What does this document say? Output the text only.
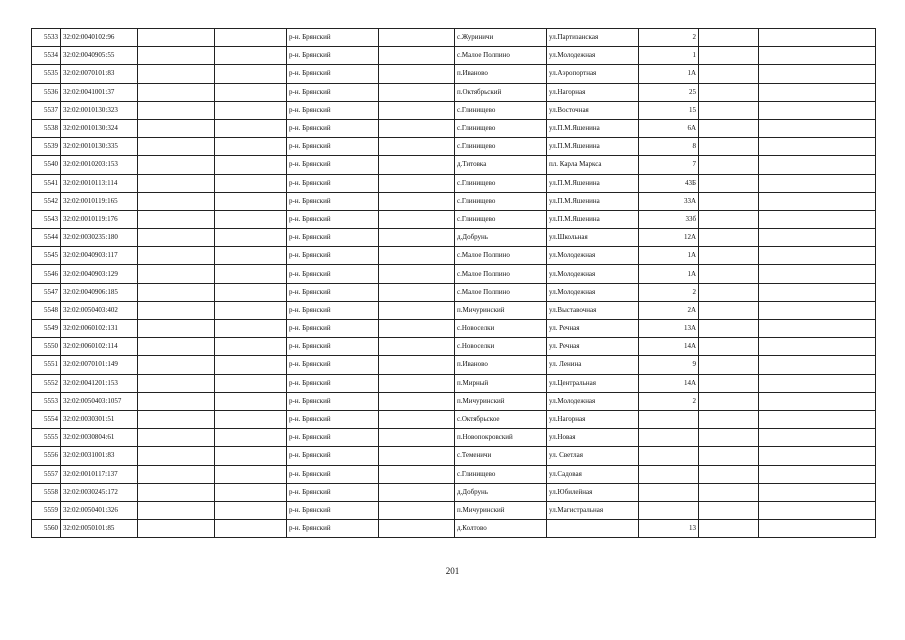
5533	32:02:0040102:96			р-н. Брянский		с.Журиничи	ул.Партизанская	2		
5534	32:02:0040905:55			р-н. Брянский		с.Малое Полпино	ул.Молодежная	1		
5535	32:02:0070101:83			р-н. Брянский		п.Иваново	ул.Аэропортная	1А		
5536	32:02:0041001:37			р-н. Брянский		п.Октябрьский	ул.Нагорная	25		
5537	32:02:0010130:323			р-н. Брянский		с.Глинищево	ул.Восточная	15		
5538	32:02:0010130:324			р-н. Брянский		с.Глинищево	ул.П.М.Яшенина	6А		
5539	32:02:0010130:335			р-н. Брянский		с.Глинищево	ул.П.М.Яшенина	8		
5540	32:02:0010203:153			р-н. Брянский		д.Титовка	пл. Карла Маркса	7		
5541	32:02:0010113:114			р-н. Брянский		с.Глинищево	ул.П.М.Яшенина	43Б		
5542	32:02:0010119:165			р-н. Брянский		с.Глинищево	ул.П.М.Яшенина	33А		
5543	32:02:0010119:176			р-н. Брянский		с.Глинищево	ул.П.М.Яшенина	33б		
5544	32:02:0030235:180			р-н. Брянский		д.Добрунь	ул.Школьная	12А		
5545	32:02:0040903:117			р-н. Брянский		с.Малое Полпино	ул.Молодежная	1А		
5546	32:02:0040903:129			р-н. Брянский		с.Малое Полпино	ул.Молодежная	1А		
5547	32:02:0040906:185			р-н. Брянский		с.Малое Полпино	ул.Молодежная	2		
5548	32:02:0050403:402			р-н. Брянский		п.Мичуринский	ул.Выставочная	2А		
5549	32:02:0060102:131			р-н. Брянский		с.Новоселки	ул. Речная	13А		
5550	32:02:0060102:114			р-н. Брянский		с.Новоселки	ул. Речная	14А		
5551	32:02:0070101:149			р-н. Брянский		п.Иваново	ул. Ленина	9		
5552	32:02:0041201:153			р-н. Брянский		п.Мирный	ул.Центральная	14А		
5553	32:02:0050403:1057			р-н. Брянский		п.Мичуринский	ул.Молодежная	2		
5554	32:02:0030301:51			р-н. Брянский		с.Октябрьское	ул.Нагорная			
5555	32:02:0030804:61			р-н. Брянский		п.Новопокровский	ул.Новая			
5556	32:02:0031001:83			р-н. Брянский		с.Теменичи	ул. Светлая			
5557	32:02:0010117:137			р-н. Брянский		с.Глинищево	ул.Садовая			
5558	32:02:0030245:172			р-н. Брянский		д.Добрунь	ул.Юбилейная			
5559	32:02:0050401:326			р-н. Брянский		п.Мичуринский	ул.Магистральная			
5560	32:02:0050101:85			р-н. Брянский		д.Колтово		13		
201
